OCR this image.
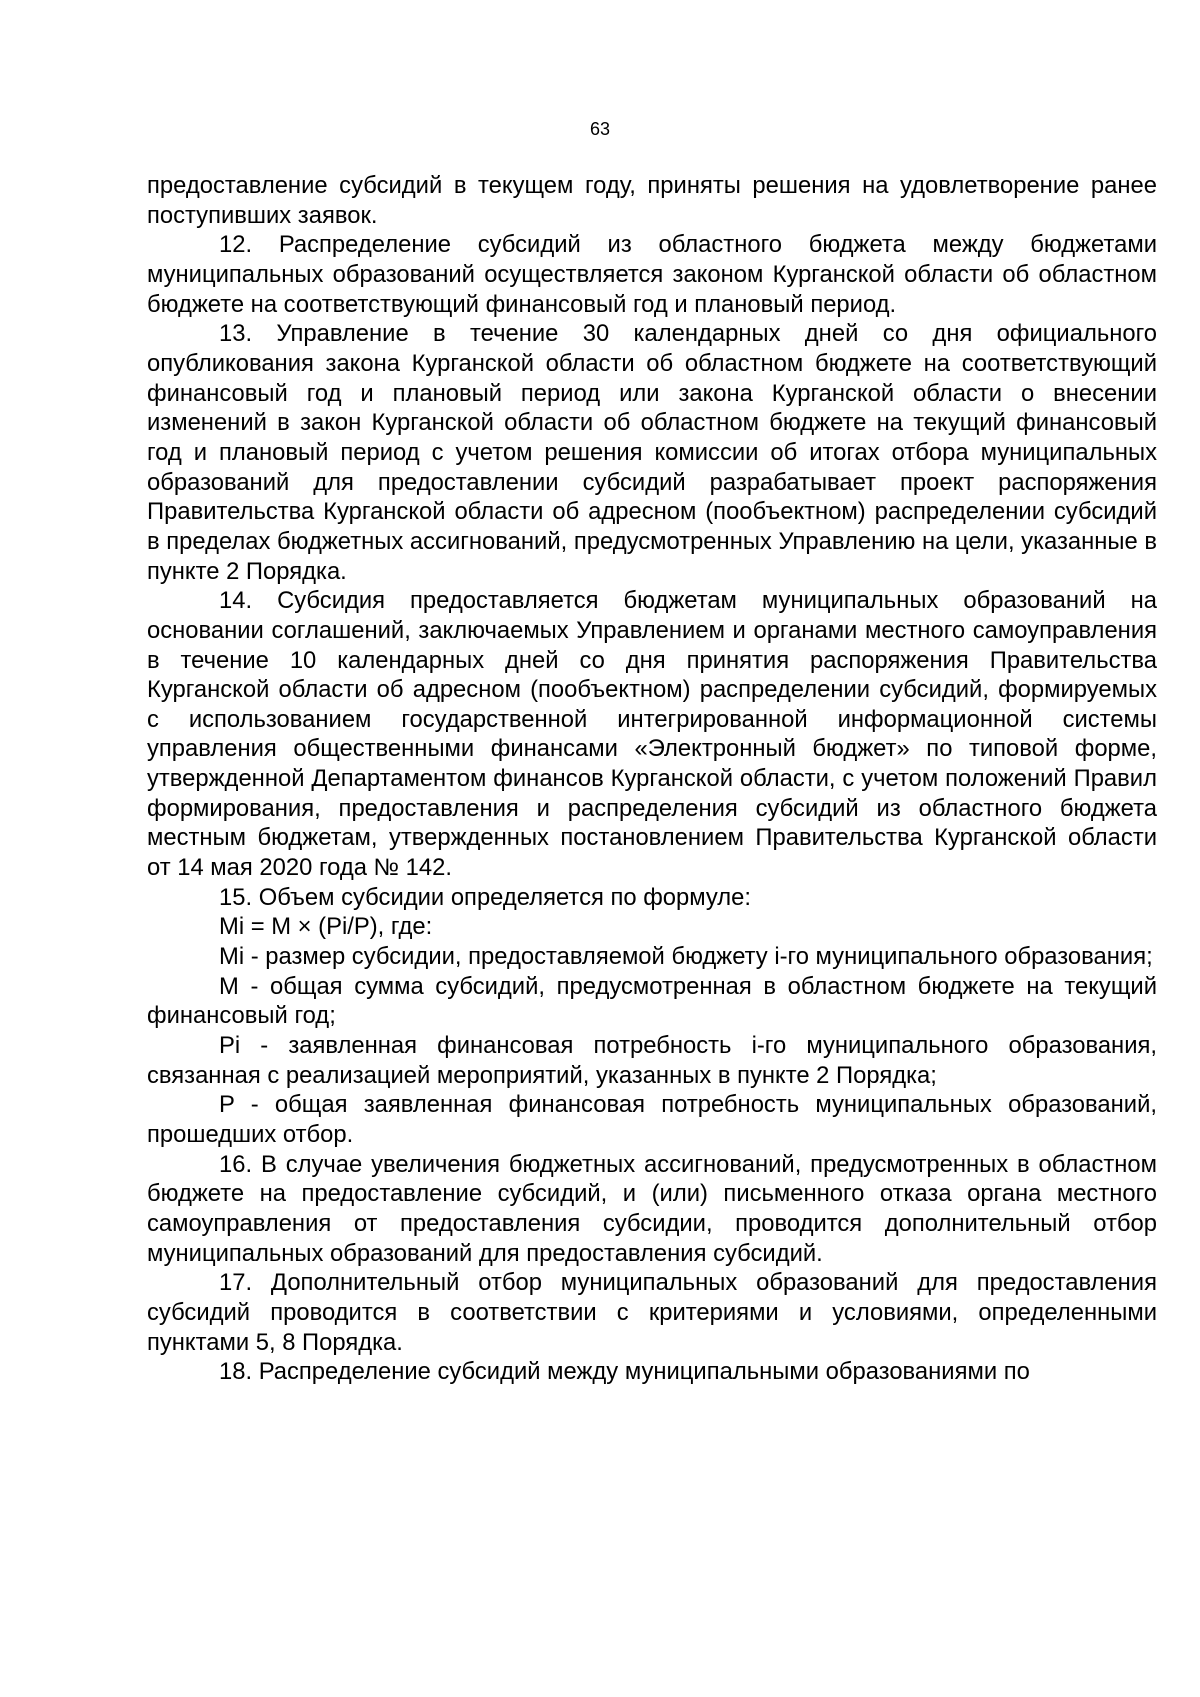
63

предоставление субсидий в текущем году, приняты решения на удовлетворение ранее поступивших заявок.

12. Распределение субсидий из областного бюджета между бюджетами муниципальных образований осуществляется законом Курганской области об областном бюджете на соответствующий финансовый год и плановый период.

13. Управление в течение 30 календарных дней со дня официального опубликования закона Курганской области об областном бюджете на соответствующий финансовый год и плановый период или закона Курганской области о внесении изменений в закон Курганской области об областном бюджете на текущий финансовый год и плановый период с учетом решения комиссии об итогах отбора муниципальных образований для предоставлении субсидий разрабатывает проект распоряжения Правительства Курганской области об адресном (пообъектном) распределении субсидий в пределах бюджетных ассигнований, предусмотренных Управлению на цели, указанные в пункте 2 Порядка.

14. Субсидия предоставляется бюджетам муниципальных образований на основании соглашений, заключаемых Управлением и органами местного самоуправления в течение 10 календарных дней со дня принятия распоряжения Правительства Курганской области об адресном (пообъектном) распределении субсидий, формируемых с использованием государственной интегрированной информационной системы управления общественными финансами «Электронный бюджет» по типовой форме, утвержденной Департаментом финансов Курганской области, с учетом положений Правил формирования, предоставления и распределения субсидий из областного бюджета местным бюджетам, утвержденных постановлением Правительства Курганской области от 14 мая 2020 года № 142.

15. Объем субсидии определяется по формуле:

Mi = M × (Pi/P), где:

Mi - размер субсидии, предоставляемой бюджету i-го муниципального образования;

M - общая сумма субсидий, предусмотренная в областном бюджете на текущий финансовый год;

Pi - заявленная финансовая потребность i-го муниципального образования, связанная с реализацией мероприятий, указанных в пункте 2 Порядка;

P - общая заявленная финансовая потребность муниципальных образований, прошедших отбор.

16. В случае увеличения бюджетных ассигнований, предусмотренных в областном бюджете на предоставление субсидий, и (или) письменного отказа органа местного самоуправления от предоставления субсидии, проводится дополнительный отбор муниципальных образований для предоставления субсидий.

17. Дополнительный отбор муниципальных образований для предоставления субсидий проводится в соответствии с критериями и условиями, определенными пунктами 5, 8 Порядка.

18. Распределение субсидий между муниципальными образованиями по
